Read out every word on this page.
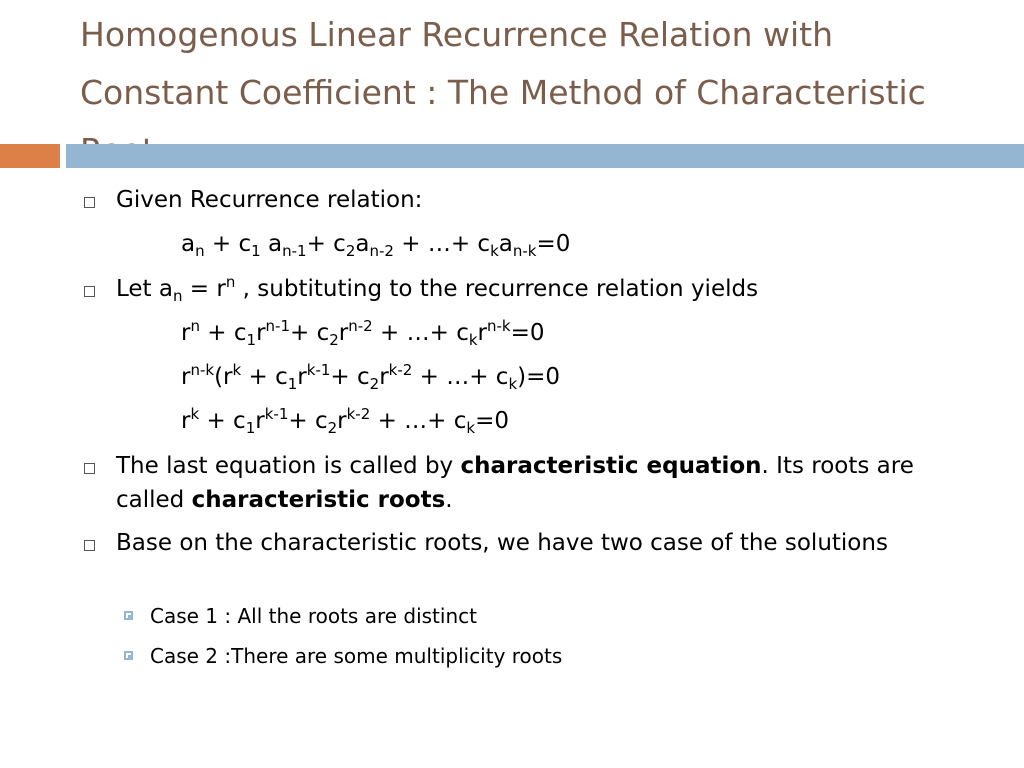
Homogenous Linear Recurrence Relation with Constant Coefficient : The Method of Characteristic
Given Recurrence relation:
$a_n + c_1$ $a_{n-1}+ c_2a_{n-2}$ + …+ $c_ka_{n-k}=0$
Let $a_n = r^n$ , subtituting to the recurrence relation yields
$r^n + c_1r^{n-1}+ c_2r^{n-2}$ + …+ $c_kr^{n-k}=0$
$r^{n-k}(r^k + c_1r^{k-1}+ c_2r^{k-2}$ + …+ $c_k)=0$
$r^k + c_1r^{k-1}+ c_2r^{k-2}$ + …+ $c_k=0$
The last equation is called by characteristic equation. Its roots are called characteristic roots.
Base on the characteristic roots, we have two case of the solutions
Case 1 : All the roots are distinct
Case 2 :There are some multiplicity roots
